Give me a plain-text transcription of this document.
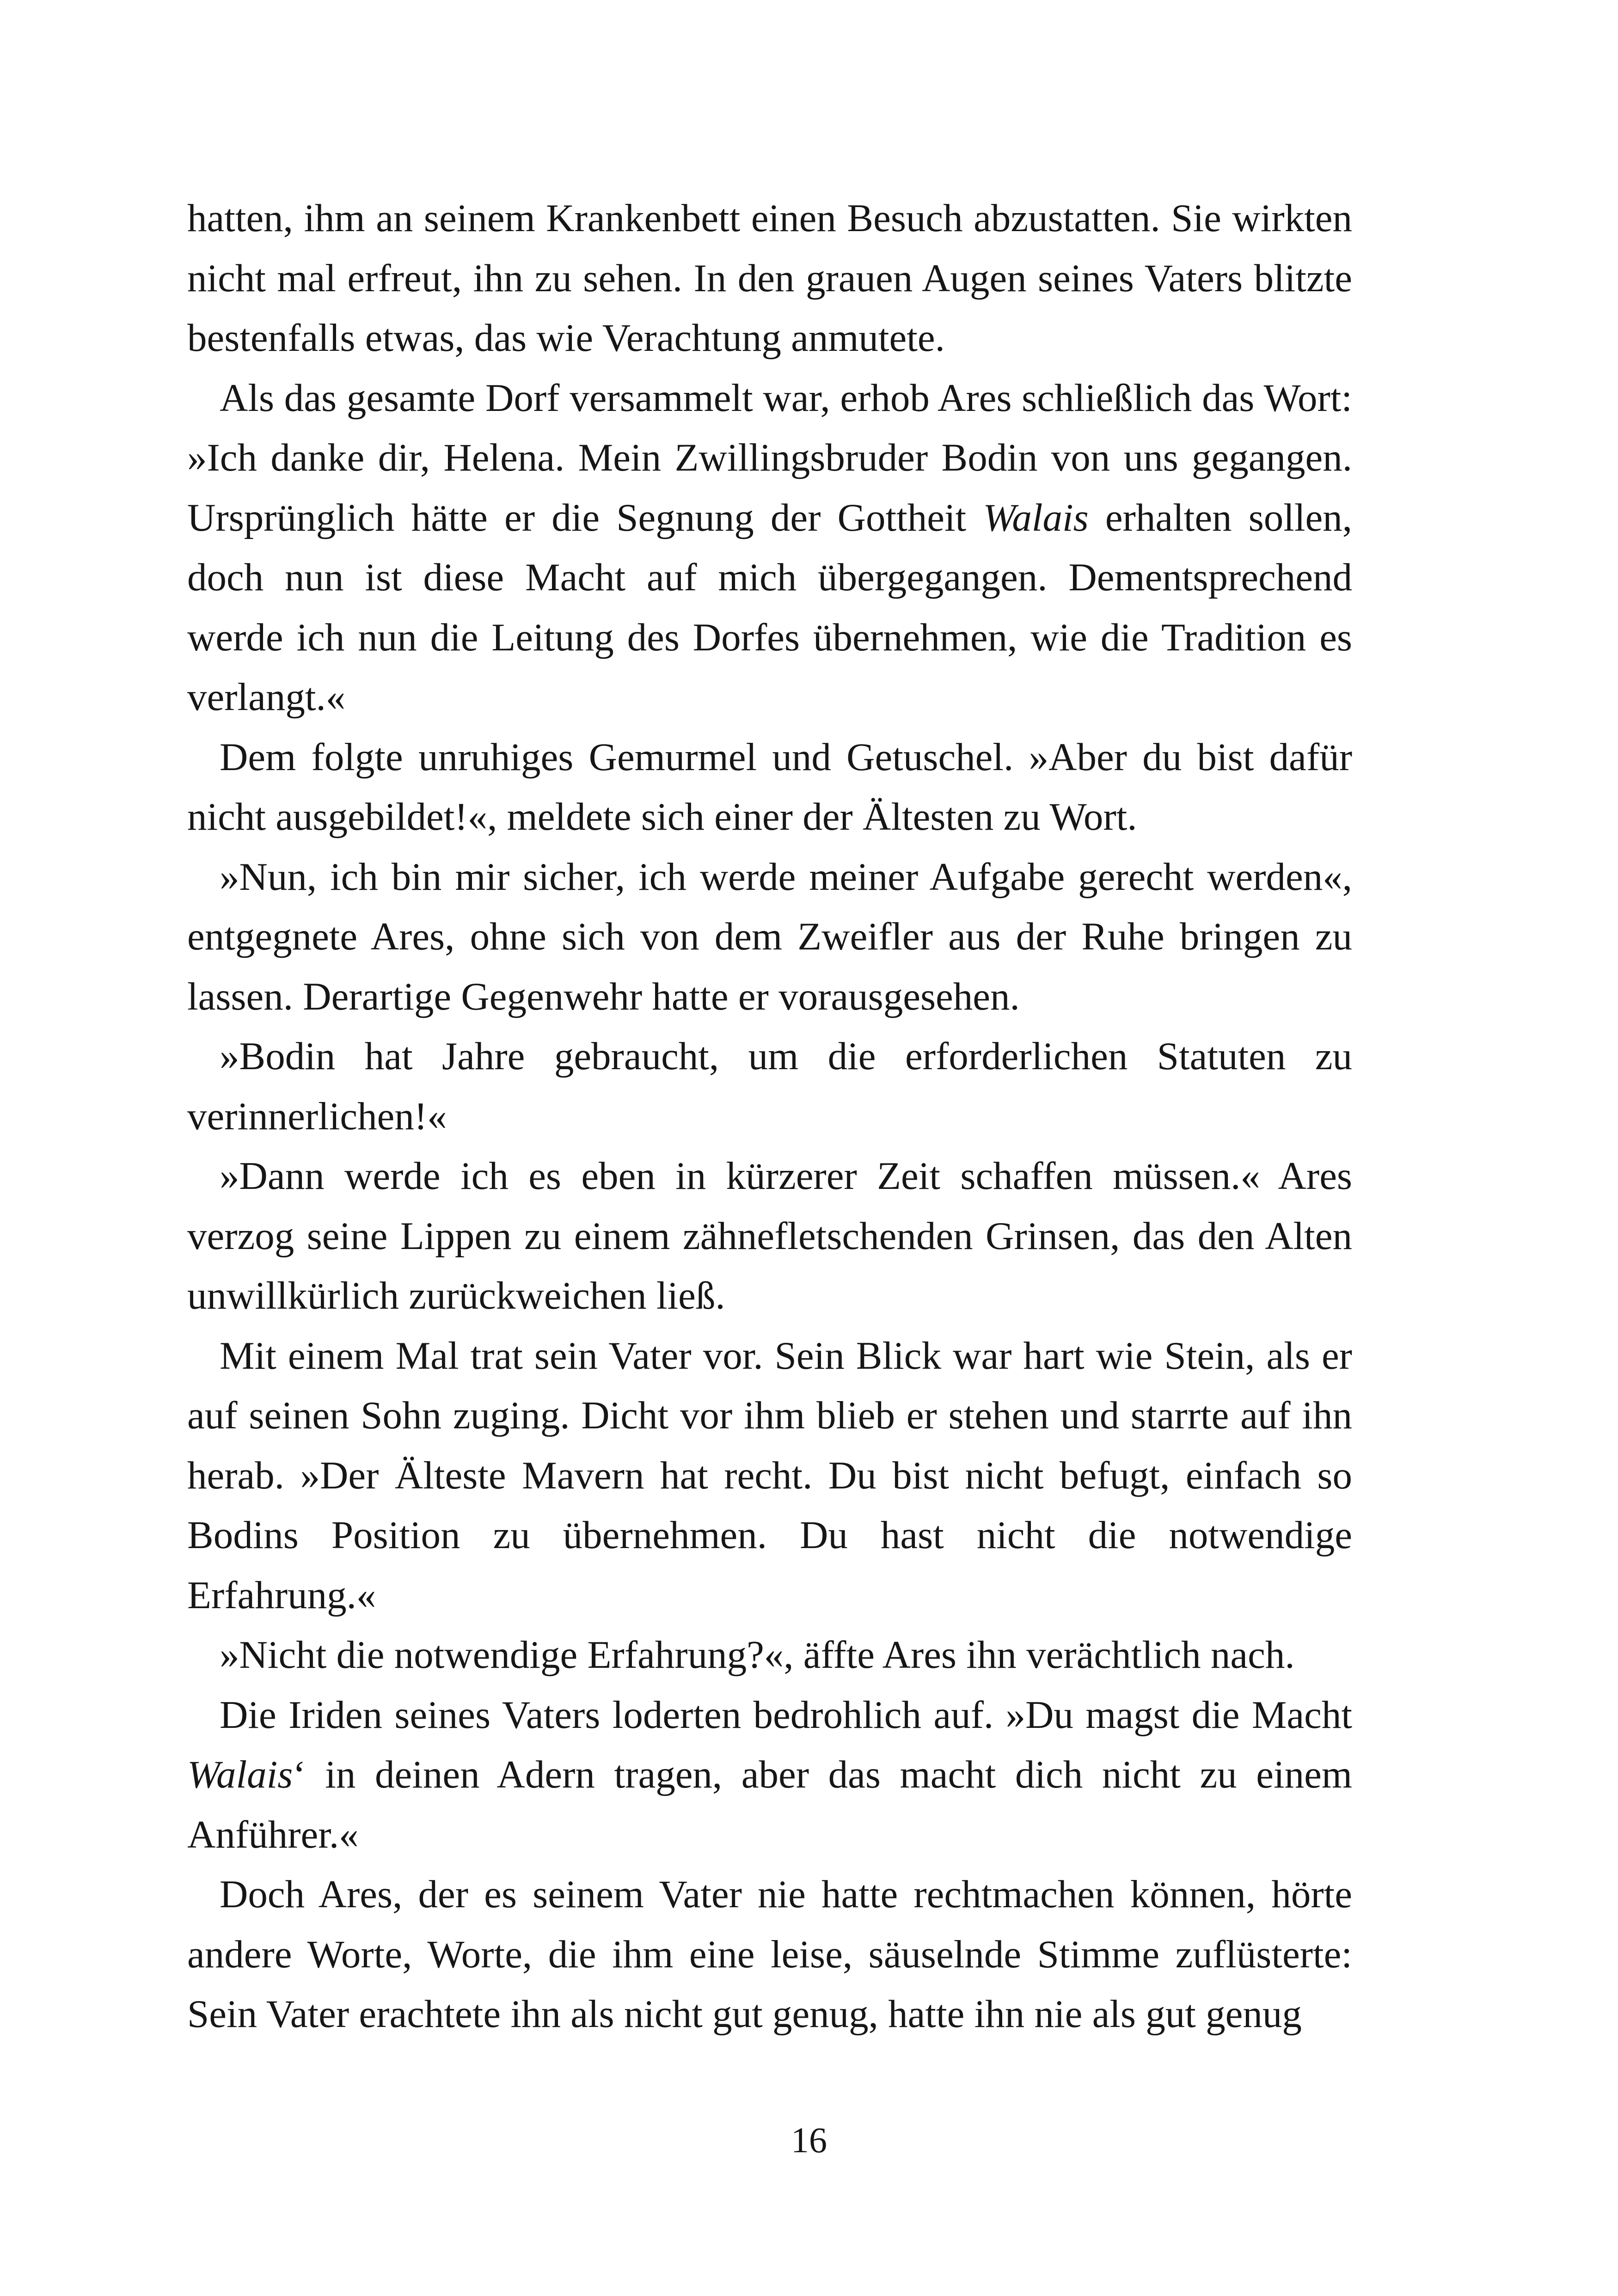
hatten, ihm an seinem Krankenbett einen Besuch abzustatten. Sie wirkten nicht mal erfreut, ihn zu sehen. In den grauen Augen seines Vaters blitzte bestenfalls etwas, das wie Verachtung anmutete.

Als das gesamte Dorf versammelt war, erhob Ares schließlich das Wort: »Ich danke dir, Helena. Mein Zwillingsbruder Bodin von uns gegangen. Ursprünglich hätte er die Segnung der Gottheit Walais erhalten sollen, doch nun ist diese Macht auf mich übergegangen. Dementsprechend werde ich nun die Leitung des Dorfes übernehmen, wie die Tradition es verlangt.«

Dem folgte unruhiges Gemurmel und Getuschel. »Aber du bist dafür nicht ausgebildet!«, meldete sich einer der Ältesten zu Wort.

»Nun, ich bin mir sicher, ich werde meiner Aufgabe gerecht werden«, entgegnete Ares, ohne sich von dem Zweifler aus der Ruhe bringen zu lassen. Derartige Gegenwehr hatte er vorausgesehen.

»Bodin hat Jahre gebraucht, um die erforderlichen Statuten zu verinnerlichen!«

»Dann werde ich es eben in kürzerer Zeit schaffen müssen.« Ares verzog seine Lippen zu einem zähnefletschenden Grinsen, das den Alten unwillkürlich zurückweichen ließ.

Mit einem Mal trat sein Vater vor. Sein Blick war hart wie Stein, als er auf seinen Sohn zuging. Dicht vor ihm blieb er stehen und starrte auf ihn herab. »Der Älteste Mavern hat recht. Du bist nicht befugt, einfach so Bodins Position zu übernehmen. Du hast nicht die notwendige Erfahrung.«

»Nicht die notwendige Erfahrung?«, äffte Ares ihn verächtlich nach.

Die Iriden seines Vaters loderten bedrohlich auf. »Du magst die Macht Walais‘ in deinen Adern tragen, aber das macht dich nicht zu einem Anführer.«

Doch Ares, der es seinem Vater nie hatte rechtmachen können, hörte andere Worte, Worte, die ihm eine leise, säuselnde Stimme zuflüsterte: Sein Vater erachtete ihn als nicht gut genug, hatte ihn nie als gut genug

16
